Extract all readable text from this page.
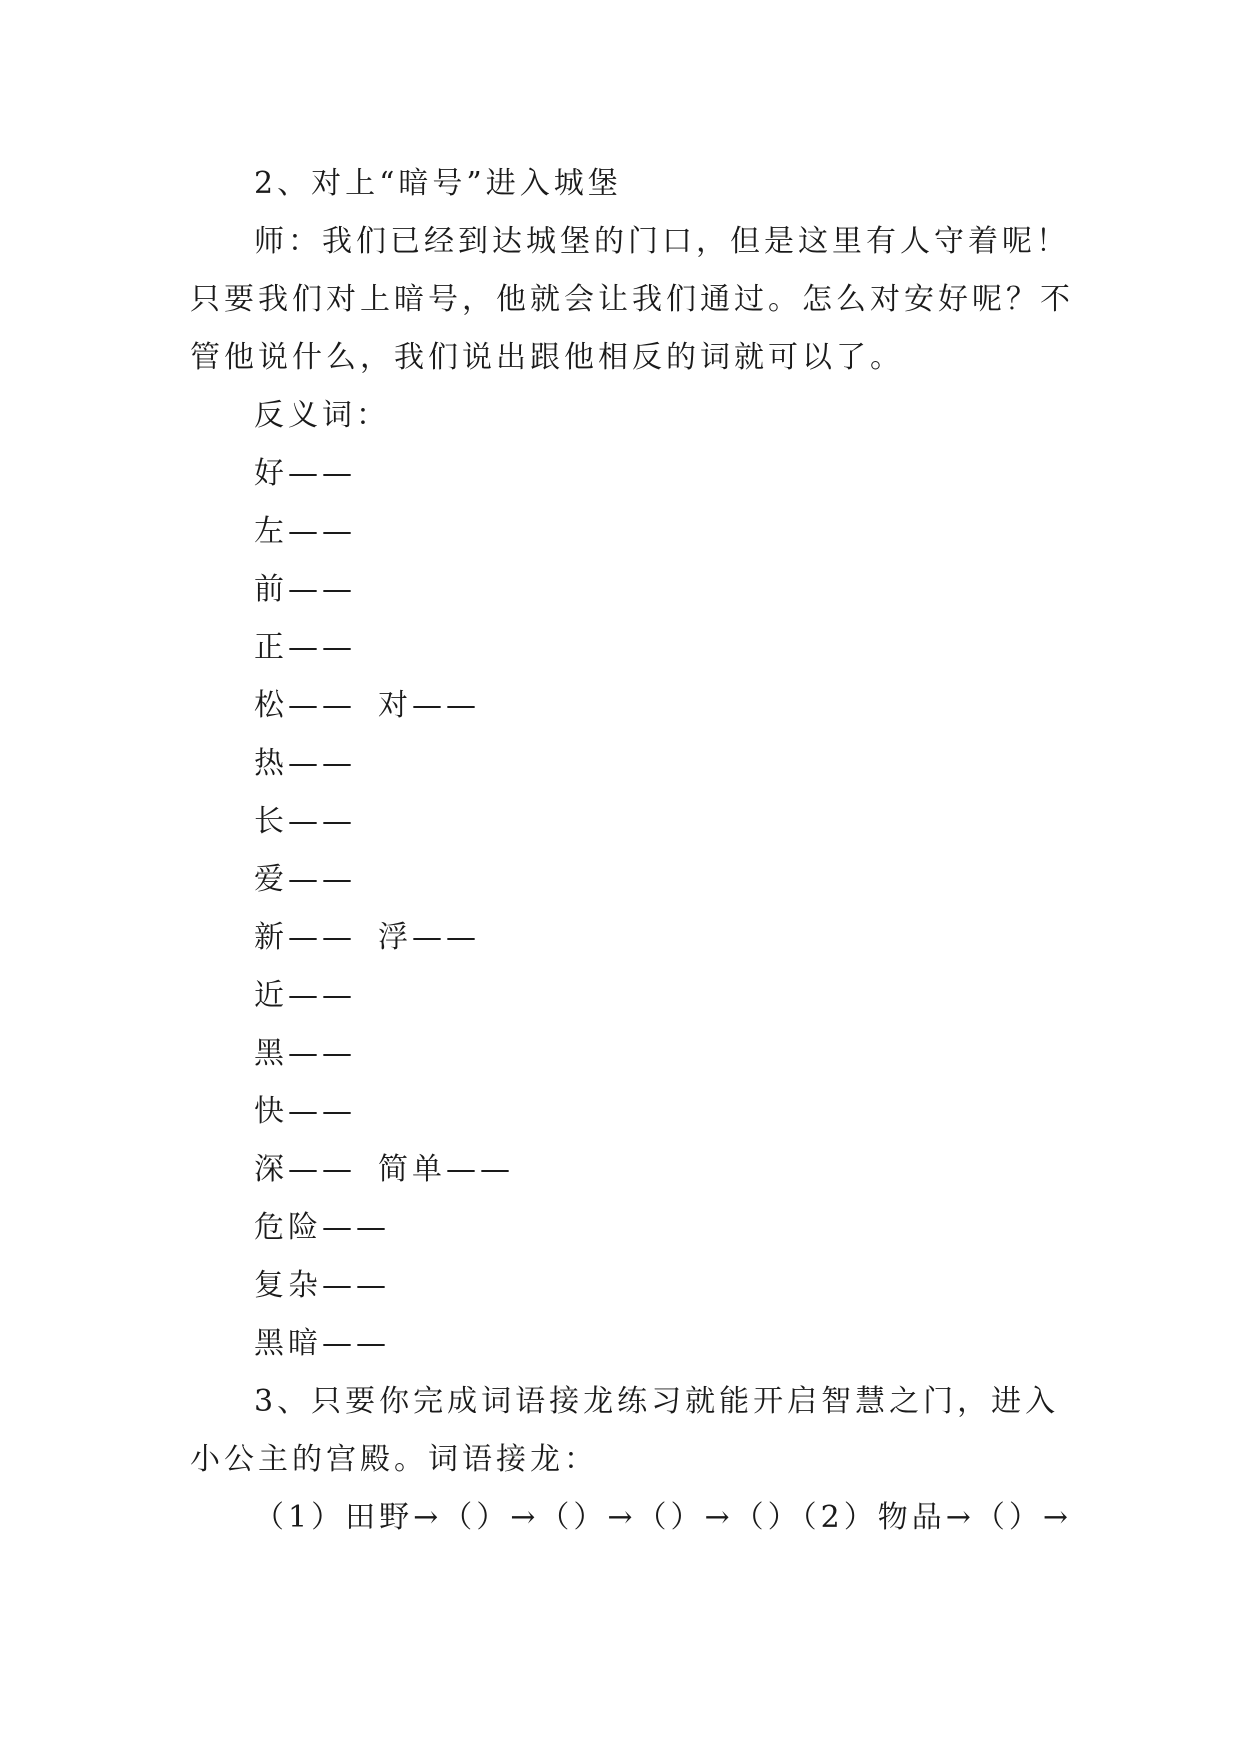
2、对上“暗号”进入城堡
师：我们已经到达城堡的门口，但是这里有人守着呢！
只要我们对上暗号，他就会让我们通过。怎么对安好呢？不
管他说什么，我们说出跟他相反的词就可以了。
反义词：
好——
左——
前——
正——
松—— 对——
热——
长——
爱——
新—— 浮——
近——
黑——
快——
深—— 简单——
危险——
复杂——
黑暗——
3、只要你完成词语接龙练习就能开启智慧之门，进入
小公主的宫殿。词语接龙：
（1）田野→（）→（）→（）→（）（2）物品→（）→
